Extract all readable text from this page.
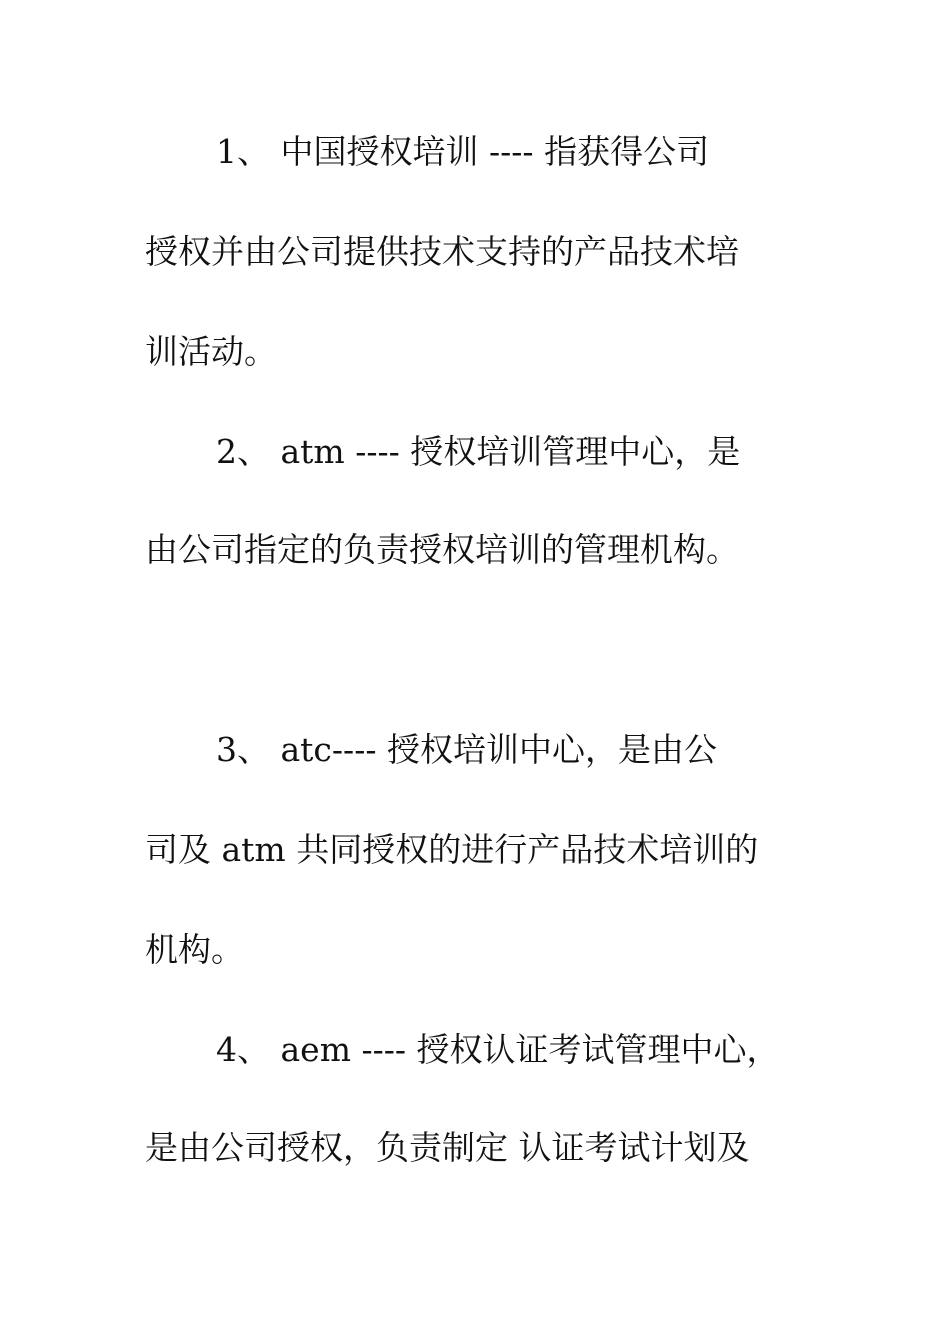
1、 中国授权培训 ---- 指获得公司
授权并由公司提供技术支持的产品技术培
训活动。
2、 atm ---- 授权培训管理中心，是
由公司指定的负责授权培训的管理机构。
3、 atc---- 授权培训中心，是由公
司及 atm 共同授权的进行产品技术培训的
机构。
4、 aem ---- 授权认证考试管理中心，
是由公司授权，负责制定 认证考试计划及
